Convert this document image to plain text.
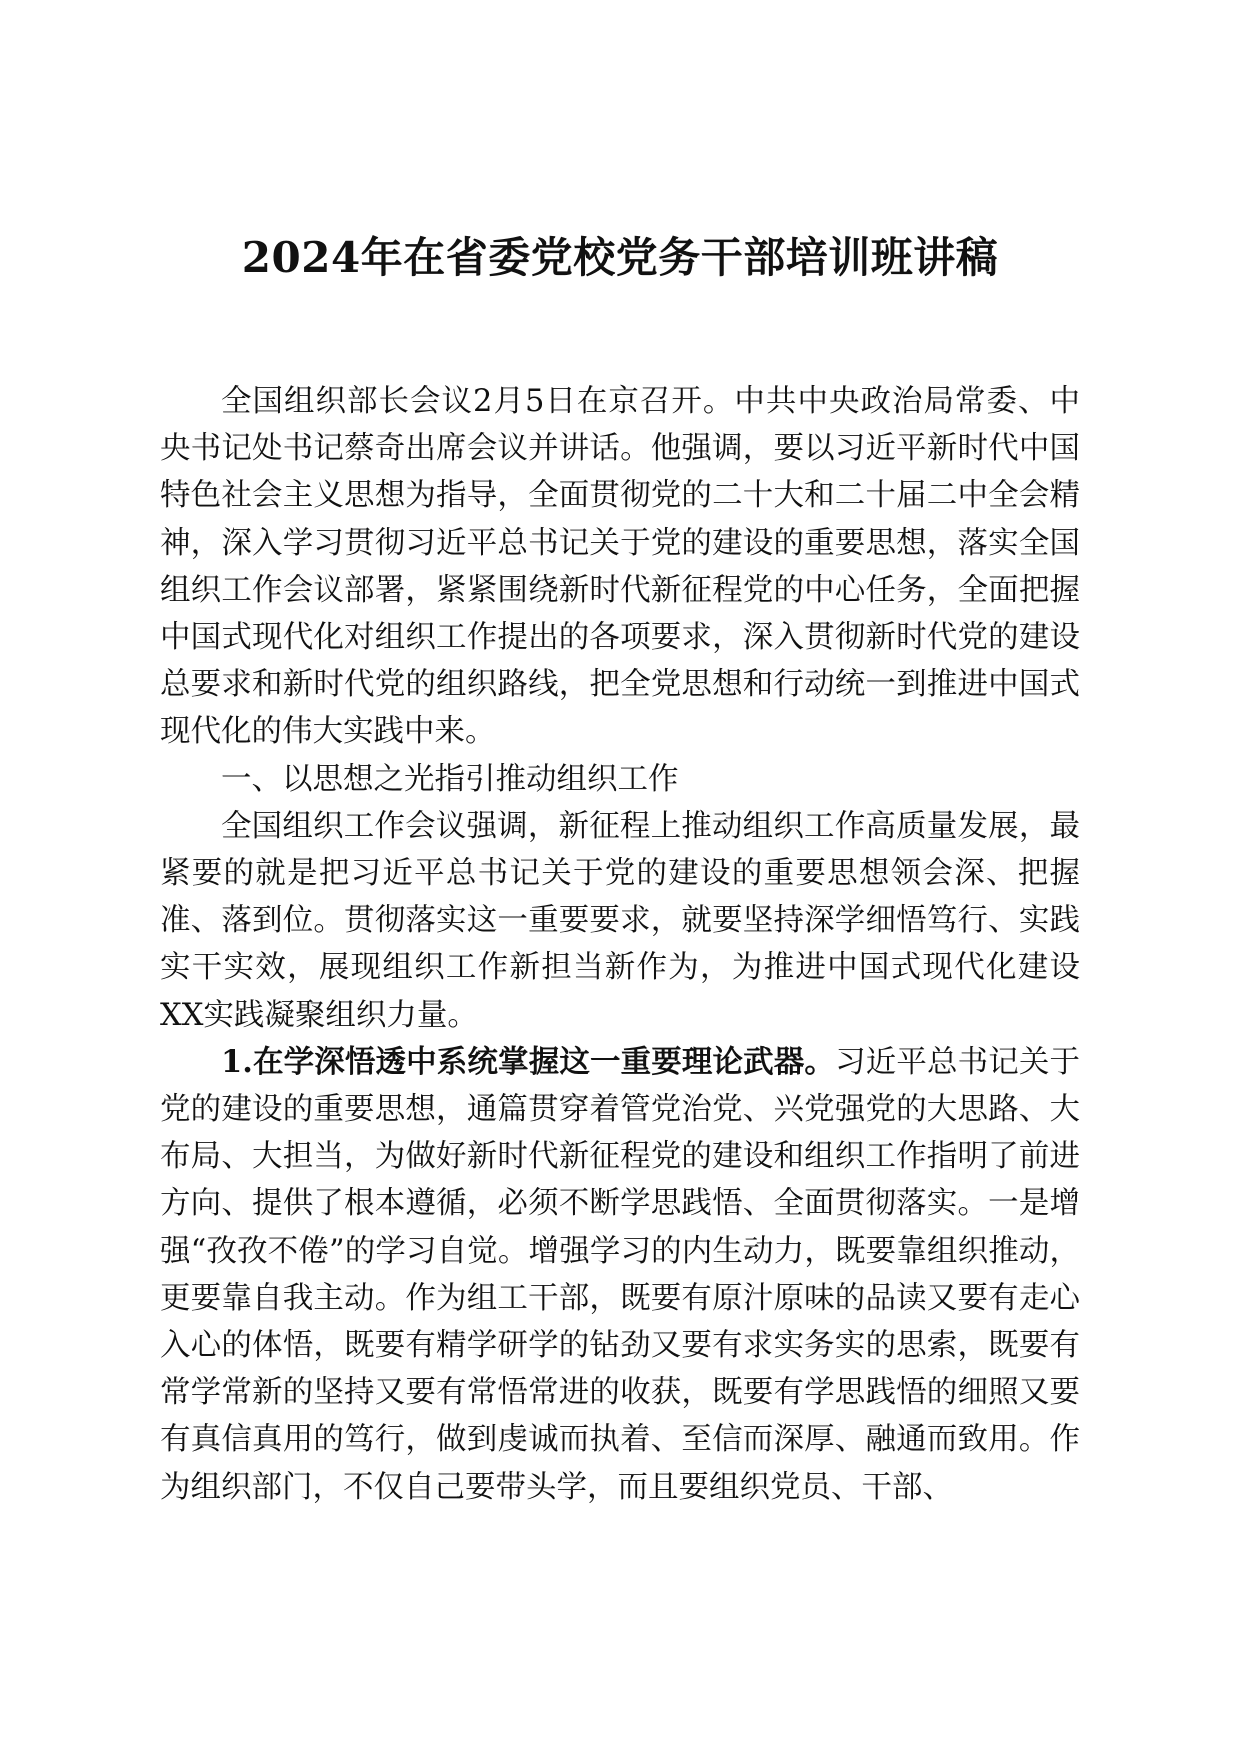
2024年在省委党校党务干部培训班讲稿

全国组织部长会议2月5日在京召开。中共中央政治局常委、中央书记处书记蔡奇出席会议并讲话。他强调，要以习近平新时代中国特色社会主义思想为指导，全面贯彻党的二十大和二十届二中全会精神，深入学习贯彻习近平总书记关于党的建设的重要思想，落实全国组织工作会议部署，紧紧围绕新时代新征程党的中心任务，全面把握中国式现代化对组织工作提出的各项要求，深入贯彻新时代党的建设总要求和新时代党的组织路线，把全党思想和行动统一到推进中国式现代化的伟大实践中来。

一、以思想之光指引推动组织工作

全国组织工作会议强调，新征程上推动组织工作高质量发展，最紧要的就是把习近平总书记关于党的建设的重要思想领会深、把握准、落到位。贯彻落实这一重要要求，就要坚持深学细悟笃行、实践实干实效，展现组织工作新担当新作为，为推进中国式现代化建设XX实践凝聚组织力量。

1.在学深悟透中系统掌握这一重要理论武器。习近平总书记关于党的建设的重要思想，通篇贯穿着管党治党、兴党强党的大思路、大布局、大担当，为做好新时代新征程党的建设和组织工作指明了前进方向、提供了根本遵循，必须不断学思践悟、全面贯彻落实。一是增强“孜孜不倦”的学习自觉。增强学习的内生动力，既要靠组织推动，更要靠自我主动。作为组工干部，既要有原汁原味的品读又要有走心入心的体悟，既要有精学研学的钻劲又要有求实务实的思索，既要有常学常新的坚持又要有常悟常进的收获，既要有学思践悟的细照又要有真信真用的笃行，做到虔诚而执着、至信而深厚、融通而致用。作为组织部门，不仅自己要带头学，而且要组织党员、干部、
